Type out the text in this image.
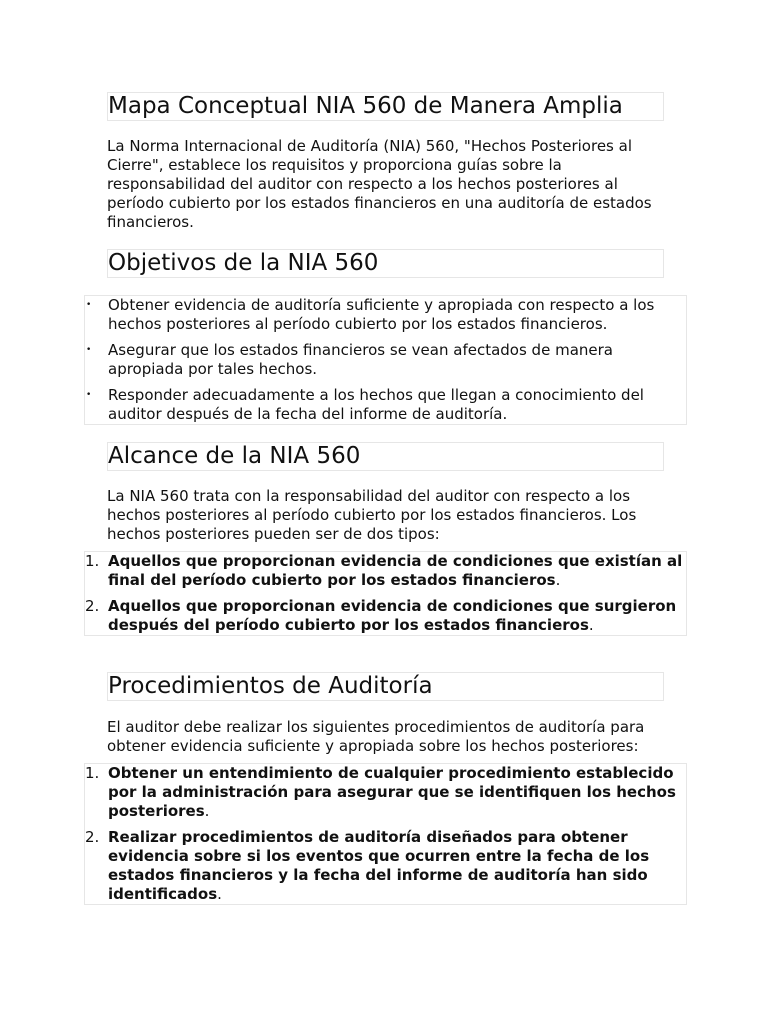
Mapa Conceptual NIA 560 de Manera Amplia

La Norma Internacional de Auditoría (NIA) 560, "Hechos Posteriores al Cierre", establece los requisitos y proporciona guías sobre la responsabilidad del auditor con respecto a los hechos posteriores al período cubierto por los estados financieros en una auditoría de estados financieros.

Objetivos de la NIA 560
• Obtener evidencia de auditoría suficiente y apropiada con respecto a los hechos posteriores al período cubierto por los estados financieros.
• Asegurar que los estados financieros se vean afectados de manera apropiada por tales hechos.
• Responder adecuadamente a los hechos que llegan a conocimiento del auditor después de la fecha del informe de auditoría.
Alcance de la NIA 560

La NIA 560 trata con la responsabilidad del auditor con respecto a los hechos posteriores al período cubierto por los estados financieros. Los hechos posteriores pueden ser de dos tipos:

1. Aquellos que proporcionan evidencia de condiciones que existían al final del período cubierto por los estados financieros.
2. Aquellos que proporcionan evidencia de condiciones que surgieron después del período cubierto por los estados financieros.
Procedimientos de Auditoría

El auditor debe realizar los siguientes procedimientos de auditoría para obtener evidencia suficiente y apropiada sobre los hechos posteriores:

1. Obtener un entendimiento de cualquier procedimiento establecido por la administración para asegurar que se identifiquen los hechos posteriores.
2. Realizar procedimientos de auditoría diseñados para obtener evidencia sobre si los eventos que ocurren entre la fecha de los estados financieros y la fecha del informe de auditoría han sido identificados.
